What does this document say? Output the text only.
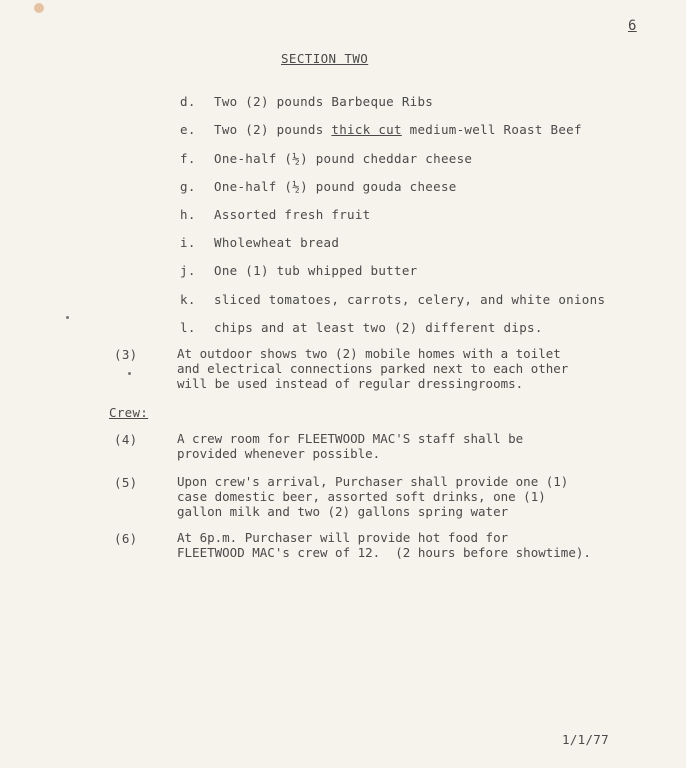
6
SECTION TWO
d. Two (2) pounds Barbeque Ribs
e. Two (2) pounds thick cut medium-well Roast Beef
f. One-half (½) pound cheddar cheese
g. One-half (½) pound gouda cheese
h. Assorted fresh fruit
i. Wholewheat bread
j. One (1) tub whipped butter
k. sliced tomatoes, carrots, celery, and white onions
l. chips and at least two (2) different dips.
(3)	At outdoor shows two (2) mobile homes with a toilet
and electrical connections parked next to each other
will be used instead of regular dressingrooms.
Crew:
(4)	A crew room for FLEETWOOD MAC'S staff shall be
provided whenever possible.
(5)	Upon crew's arrival, Purchaser shall provide one (1)
case domestic beer, assorted soft drinks, one (1)
gallon milk and two (2) gallons spring water
(6)	At 6p.m. Purchaser will provide hot food for
FLEETWOOD MAC's crew of 12.  (2 hours before showtime).
1/1/77
